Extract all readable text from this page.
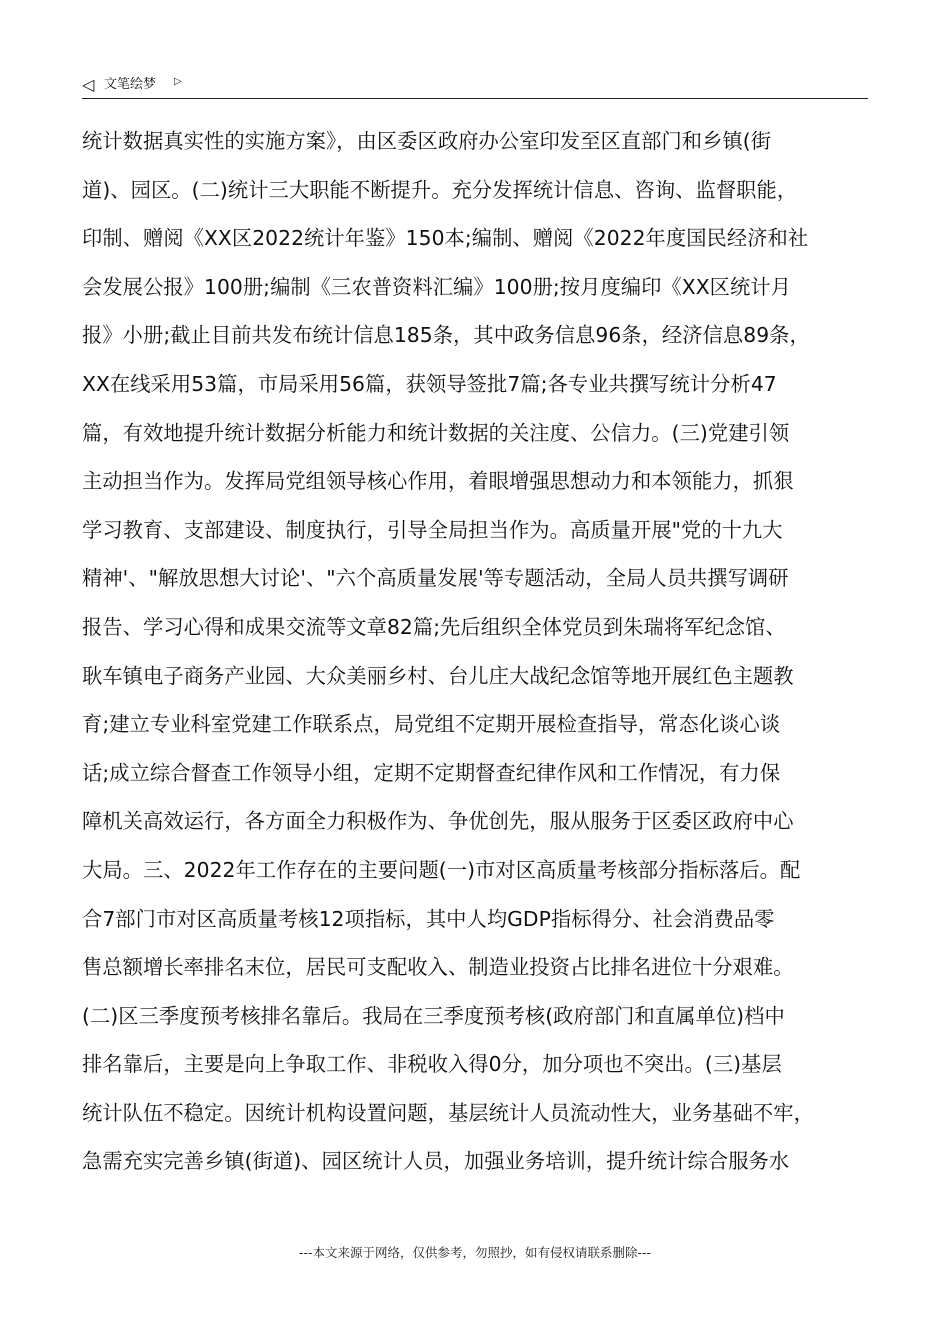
◁ 文笔绘梦 ▷
统计数据真实性的实施方案》，由区委区政府办公室印发至区直部门和乡镇(街
道)、园区。(二)统计三大职能不断提升。充分发挥统计信息、咨询、监督职能，
印制、赠阅《XX区2022统计年鉴》150本;编制、赠阅《2022年度国民经济和社
会发展公报》100册;编制《三农普资料汇编》100册;按月度编印《XX区统计月
报》小册;截止目前共发布统计信息185条，其中政务信息96条，经济信息89条，
XX在线采用53篇，市局采用56篇，获领导签批7篇;各专业共撰写统计分析47
篇，有效地提升统计数据分析能力和统计数据的关注度、公信力。(三)党建引领
主动担当作为。发挥局党组领导核心作用，着眼增强思想动力和本领能力，抓狠
学习教育、支部建设、制度执行，引导全局担当作为。高质量开展"党的十九大
精神'、"解放思想大讨论'、"六个高质量发展'等专题活动，全局人员共撰写调研
报告、学习心得和成果交流等文章82篇;先后组织全体党员到朱瑞将军纪念馆、
耿车镇电子商务产业园、大众美丽乡村、台儿庄大战纪念馆等地开展红色主题教
育;建立专业科室党建工作联系点，局党组不定期开展检查指导，常态化谈心谈
话;成立综合督查工作领导小组，定期不定期督查纪律作风和工作情况，有力保
障机关高效运行，各方面全力积极作为、争优创先，服从服务于区委区政府中心
大局。三、2022年工作存在的主要问题(一)市对区高质量考核部分指标落后。配
合7部门市对区高质量考核12项指标，其中人均GDP指标得分、社会消费品零
售总额增长率排名末位，居民可支配收入、制造业投资占比排名进位十分艰难。
(二)区三季度预考核排名靠后。我局在三季度预考核(政府部门和直属单位)档中
排名靠后，主要是向上争取工作、非税收入得0分，加分项也不突出。(三)基层
统计队伍不稳定。因统计机构设置问题，基层统计人员流动性大，业务基础不牢，
急需充实完善乡镇(街道)、园区统计人员，加强业务培训，提升统计综合服务水
---本文来源于网络，仅供参考，勿照抄，如有侵权请联系删除---
